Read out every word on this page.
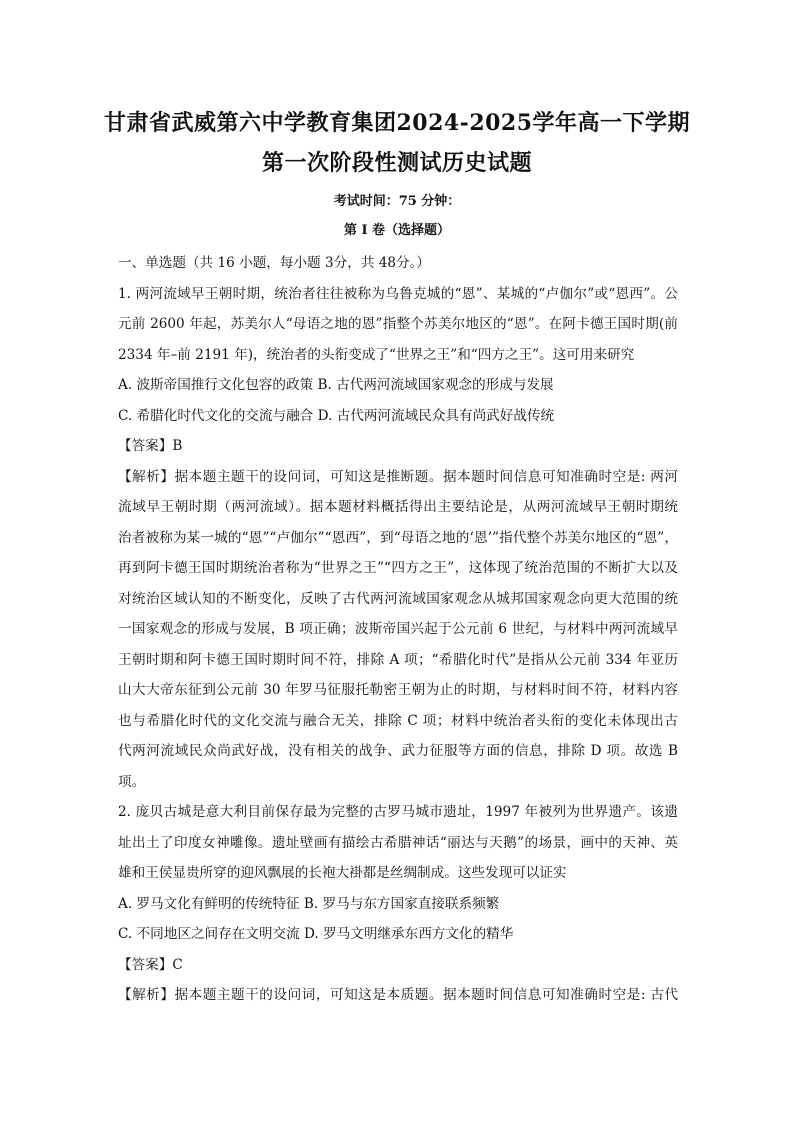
甘肃省武威第六中学教育集团2024-2025学年高一下学期
第一次阶段性测试历史试题
考试时间：75 分钟：
第 I 卷（选择题）
一、单选题（共 16 小题，每小题 3分，共 48分。）
1. 两河流域早王朝时期，统治者往往被称为乌鲁克城的“恩”、某城的“卢伽尔”或“恩西”。公
元前 2600 年起，苏美尔人“母语之地的恩”指整个苏美尔地区的“恩”。在阿卡德王国时期(前
2334 年–前 2191 年)，统治者的头衔变成了“世界之王”和“四方之王”。这可用来研究
A. 波斯帝国推行文化包容的政策 B. 古代两河流域国家观念的形成与发展
C. 希腊化时代文化的交流与融合 D. 古代两河流域民众具有尚武好战传统
【答案】B
【解析】据本题主题干的设问词，可知这是推断题。据本题时间信息可知准确时空是: 两河
流域早王朝时期（两河流域）。据本题材料概括得出主要结论是，从两河流域早王朝时期统
治者被称为某一城的“恩”“卢伽尔”“恩西”，到“母语之地的‘恩’”指代整个苏美尔地区的“恩”，
再到阿卡德王国时期统治者称为“世界之王”“四方之王”，这体现了统治范围的不断扩大以及
对统治区域认知的不断变化，反映了古代两河流域国家观念从城邦国家观念向更大范围的统
一国家观念的形成与发展，B 项正确；波斯帝国兴起于公元前 6 世纪，与材料中两河流域早
王朝时期和阿卡德王国时期时间不符，排除 A 项；“希腊化时代”是指从公元前 334 年亚历
山大大帝东征到公元前 30 年罗马征服托勒密王朝为止的时期，与材料时间不符，材料内容
也与希腊化时代的文化交流与融合无关，排除 C 项；材料中统治者头衔的变化未体现出古
代两河流域民众尚武好战，没有相关的战争、武力征服等方面的信息，排除 D 项。故选 B
项。
2. 庞贝古城是意大利目前保存最为完整的古罗马城市遗址，1997 年被列为世界遗产。该遗
址出土了印度女神雕像。遗址壁画有描绘古希腊神话“丽达与天鹅”的场景，画中的天神、英
雄和王侯显贵所穿的迎风飘展的长袍大褂都是丝绸制成。这些发现可以证实
A. 罗马文化有鲜明的传统特征 B. 罗马与东方国家直接联系频繁
C. 不同地区之间存在文明交流 D. 罗马文明继承东西方文化的精华
【答案】C
【解析】据本题主题干的设问词，可知这是本质题。据本题时间信息可知准确时空是: 古代
